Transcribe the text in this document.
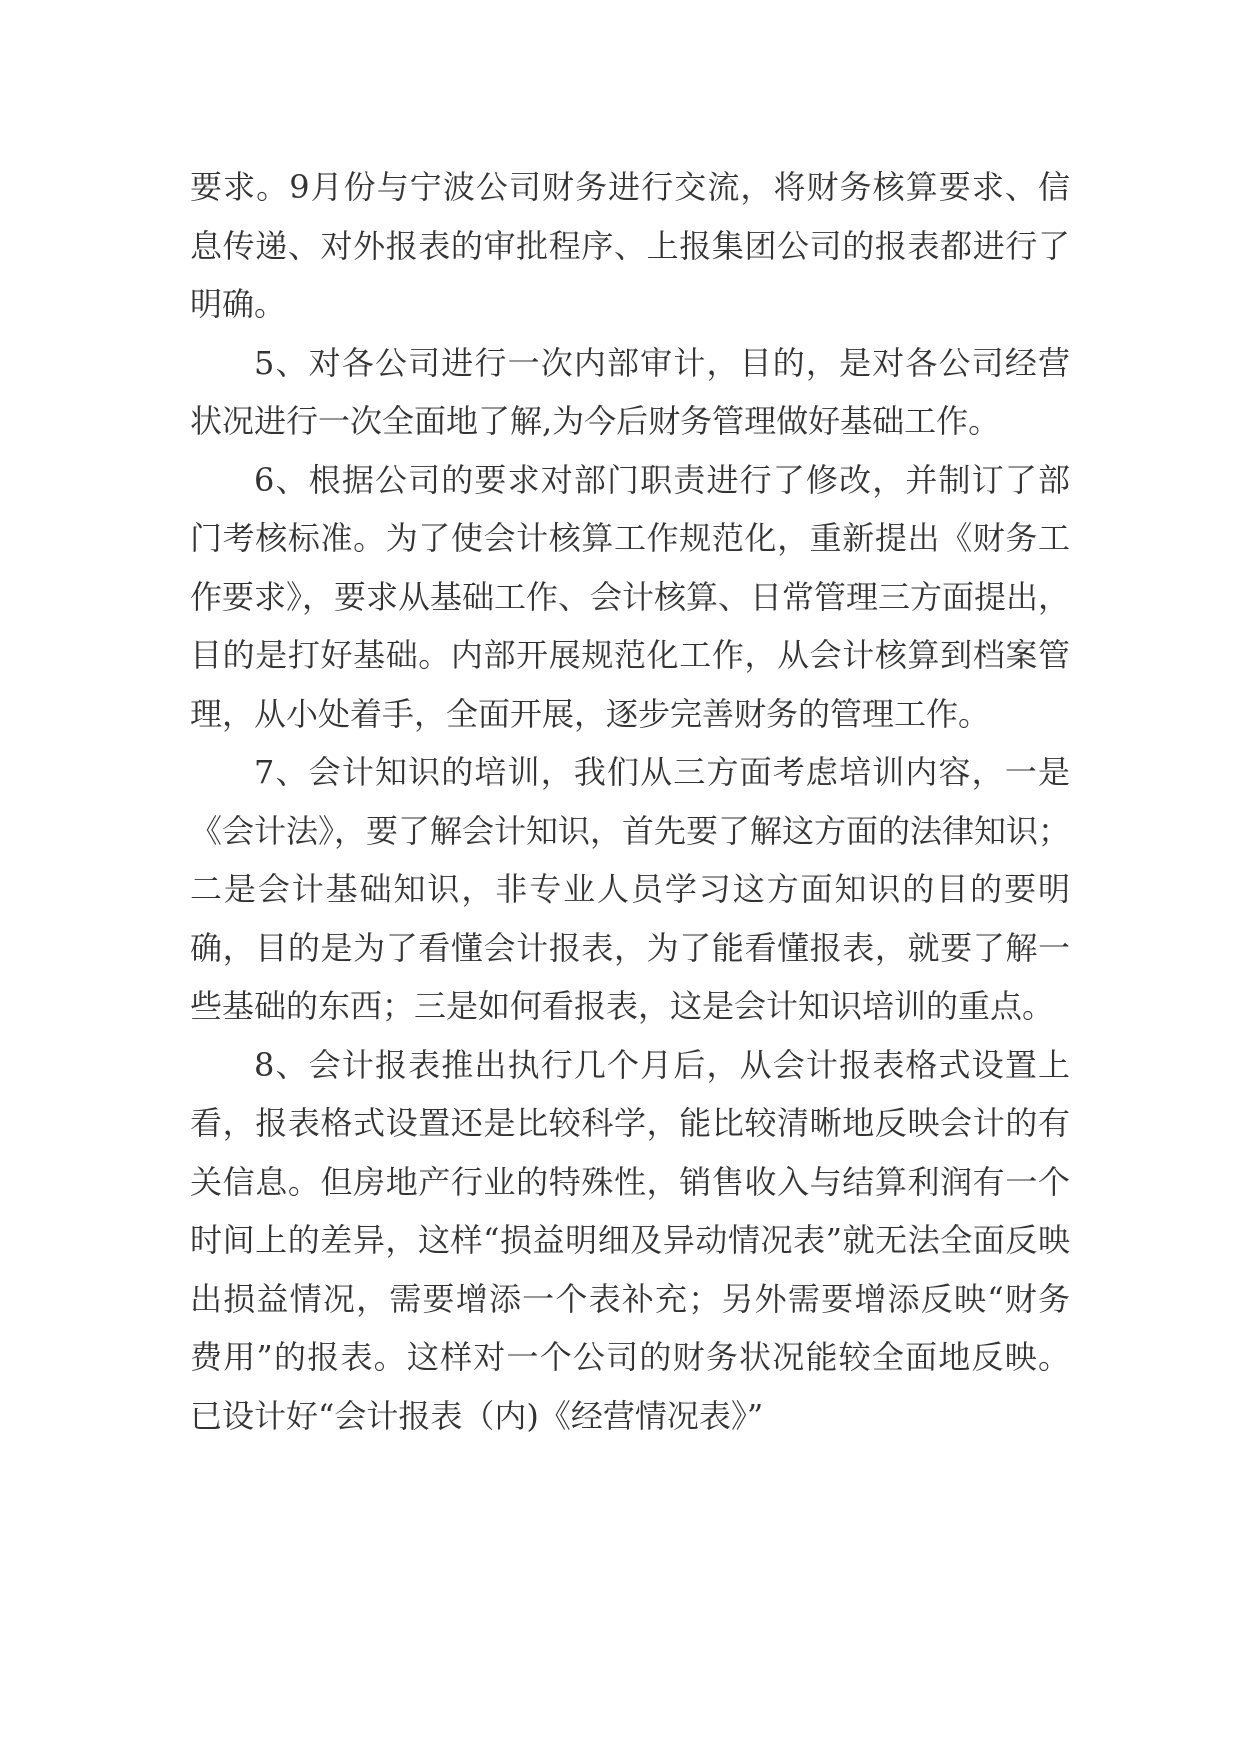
要求。9月份与宁波公司财务进行交流，将财务核算要求、信息传递、对外报表的审批程序、上报集团公司的报表都进行了明确。

5、对各公司进行一次内部审计，目的，是对各公司经营状况进行一次全面地了解,为今后财务管理做好基础工作。

6、根据公司的要求对部门职责进行了修改，并制订了部门考核标准。为了使会计核算工作规范化，重新提出《财务工作要求》，要求从基础工作、会计核算、日常管理三方面提出，目的是打好基础。内部开展规范化工作，从会计核算到档案管理，从小处着手，全面开展，逐步完善财务的管理工作。

7、会计知识的培训，我们从三方面考虑培训内容，一是《会计法》，要了解会计知识，首先要了解这方面的法律知识；二是会计基础知识，非专业人员学习这方面知识的目的要明确，目的是为了看懂会计报表，为了能看懂报表，就要了解一些基础的东西；三是如何看报表，这是会计知识培训的重点。

8、会计报表推出执行几个月后，从会计报表格式设置上看，报表格式设置还是比较科学，能比较清晰地反映会计的有关信息。但房地产行业的特殊性，销售收入与结算利润有一个时间上的差异，这样“损益明细及异动情况表”就无法全面反映出损益情况，需要增添一个表补充；另外需要增添反映“财务费用”的报表。这样对一个公司的财务状况能较全面地反映。已设计好“会计报表（内)《经营情况表》”
